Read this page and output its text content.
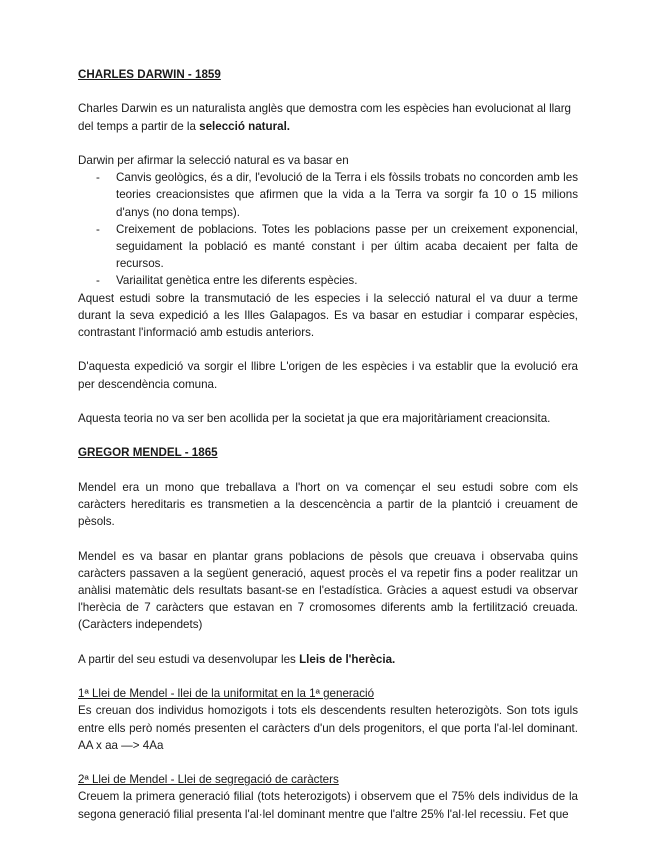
CHARLES DARWIN - 1859

Charles Darwin es un naturalista anglès que demostra com les espècies han evolucionat al llarg del temps a partir de la selecció natural.

Darwin per afirmar la selecció natural es va basar en

- Canvis geològics, és a dir, l'evolució de la Terra i els fòssils trobats no concorden amb les teories creacionsistes que afirmen que la vida a la Terra va sorgir fa 10 o 15 milions d'anys (no dona temps).
- Creixement de poblacions. Totes les poblacions passe per un creixement exponencial, seguidament la població es manté constant i per últim acaba decaient per falta de recursos.
- Variailitat genètica entre les diferents espècies.

Aquest estudi sobre la transmutació de les especies i la selecció natural el va duur a terme durant la seva expedició a les Illes Galapagos. Es va basar en estudiar i comparar espècies, contrastant l'informació amb estudis anteriors.

D'aquesta expedició va sorgir el llibre L'origen de les espècies i va establir que la evolució era per descendència comuna.

Aquesta teoria no va ser ben acollida per la societat ja que era majoritàriament creacionsita.

GREGOR MENDEL - 1865

Mendel era un mono que treballava a l'hort on va començar el seu estudi sobre com els caràcters hereditaris es transmetien a la descencència a partir de la plantció i creuament de pèsols.

Mendel es va basar en plantar grans poblacions de pèsols que creuava i observaba quins caràcters passaven a la següent generació, aquest procès el va repetir fins a poder realitzar un anàlisi matemàtic dels resultats basant-se en l'estadística. Gràcies a aquest estudi va observar l'herècia de 7 caràcters que estavan en 7 cromosomes diferents amb la fertilització creuada. (Caràcters independets)

A partir del seu estudi va desenvolupar les Lleis de l'herècia.

1ª Llei de Mendel - llei de la uniformitat en la 1ª generació

Es creuan dos individus homozigots i tots els descendents resulten heterozigòts. Son tots iguls entre ells però només presenten el caràcters d'un dels progenitors, el que porta l'al·lel dominant. AA x aa —> 4Aa

2ª Llei de Mendel - Llei de segregació de caràcters

Creuem la primera generació filial (tots heterozigots) i observem que el 75% dels individus de la segona generació filial presenta l'al·lel dominant mentre que l'altre 25% l'al·lel recessiu. Fet que
